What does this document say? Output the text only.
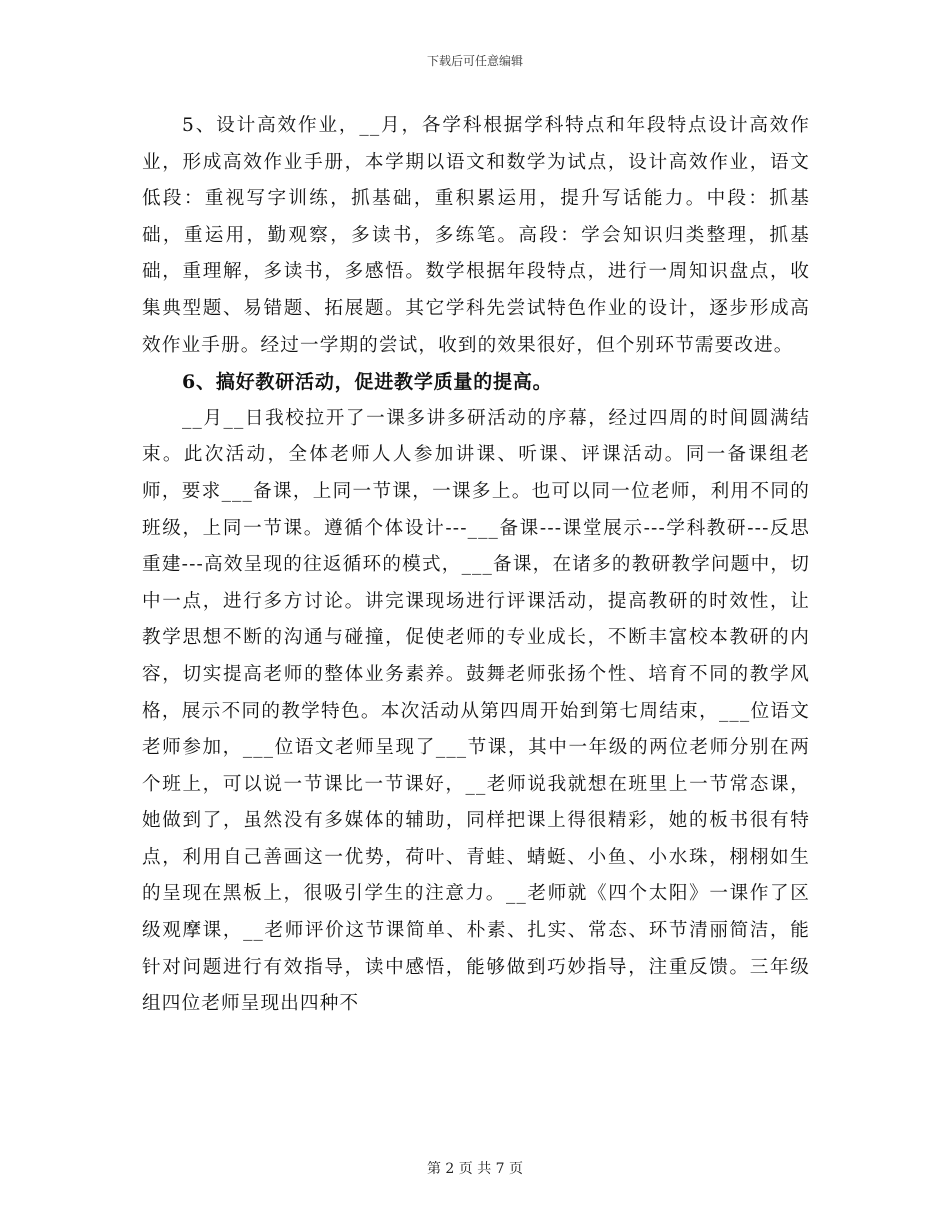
下载后可任意编辑

5、设计高效作业，__月，各学科根据学科特点和年段特点设计高效作业，形成高效作业手册，本学期以语文和数学为试点，设计高效作业，语文低段：重视写字训练，抓基础，重积累运用，提升写话能力。中段：抓基础，重运用，勤观察，多读书，多练笔。高段：学会知识归类整理，抓基础，重理解，多读书，多感悟。数学根据年段特点，进行一周知识盘点，收集典型题、易错题、拓展题。其它学科先尝试特色作业的设计，逐步形成高效作业手册。经过一学期的尝试，收到的效果很好，但个别环节需要改进。

6、搞好教研活动，促进教学质量的提高。

__月__日我校拉开了一课多讲多研活动的序幕，经过四周的时间圆满结束。此次活动，全体老师人人参加讲课、听课、评课活动。同一备课组老师，要求___备课，上同一节课，一课多上。也可以同一位老师，利用不同的班级，上同一节课。遵循个体设计---___备课---课堂展示---学科教研---反思重建---高效呈现的往返循环的模式，___备课，在诸多的教研教学问题中，切中一点，进行多方讨论。讲完课现场进行评课活动，提高教研的时效性，让教学思想不断的沟通与碰撞，促使老师的专业成长，不断丰富校本教研的内容，切实提高老师的整体业务素养。鼓舞老师张扬个性、培育不同的教学风格，展示不同的教学特色。本次活动从第四周开始到第七周结束，___位语文老师参加，___位语文老师呈现了___节课，其中一年级的两位老师分别在两个班上，可以说一节课比一节课好，__老师说我就想在班里上一节常态课，她做到了，虽然没有多媒体的辅助，同样把课上得很精彩，她的板书很有特点，利用自己善画这一优势，荷叶、青蛙、蜻蜓、小鱼、小水珠，栩栩如生的呈现在黑板上，很吸引学生的注意力。__老师就《四个太阳》一课作了区级观摩课，__老师评价这节课简单、朴素、扎实、常态、环节清丽简洁，能针对问题进行有效指导，读中感悟，能够做到巧妙指导，注重反馈。三年级组四位老师呈现出四种不

第 2 页 共 7 页
